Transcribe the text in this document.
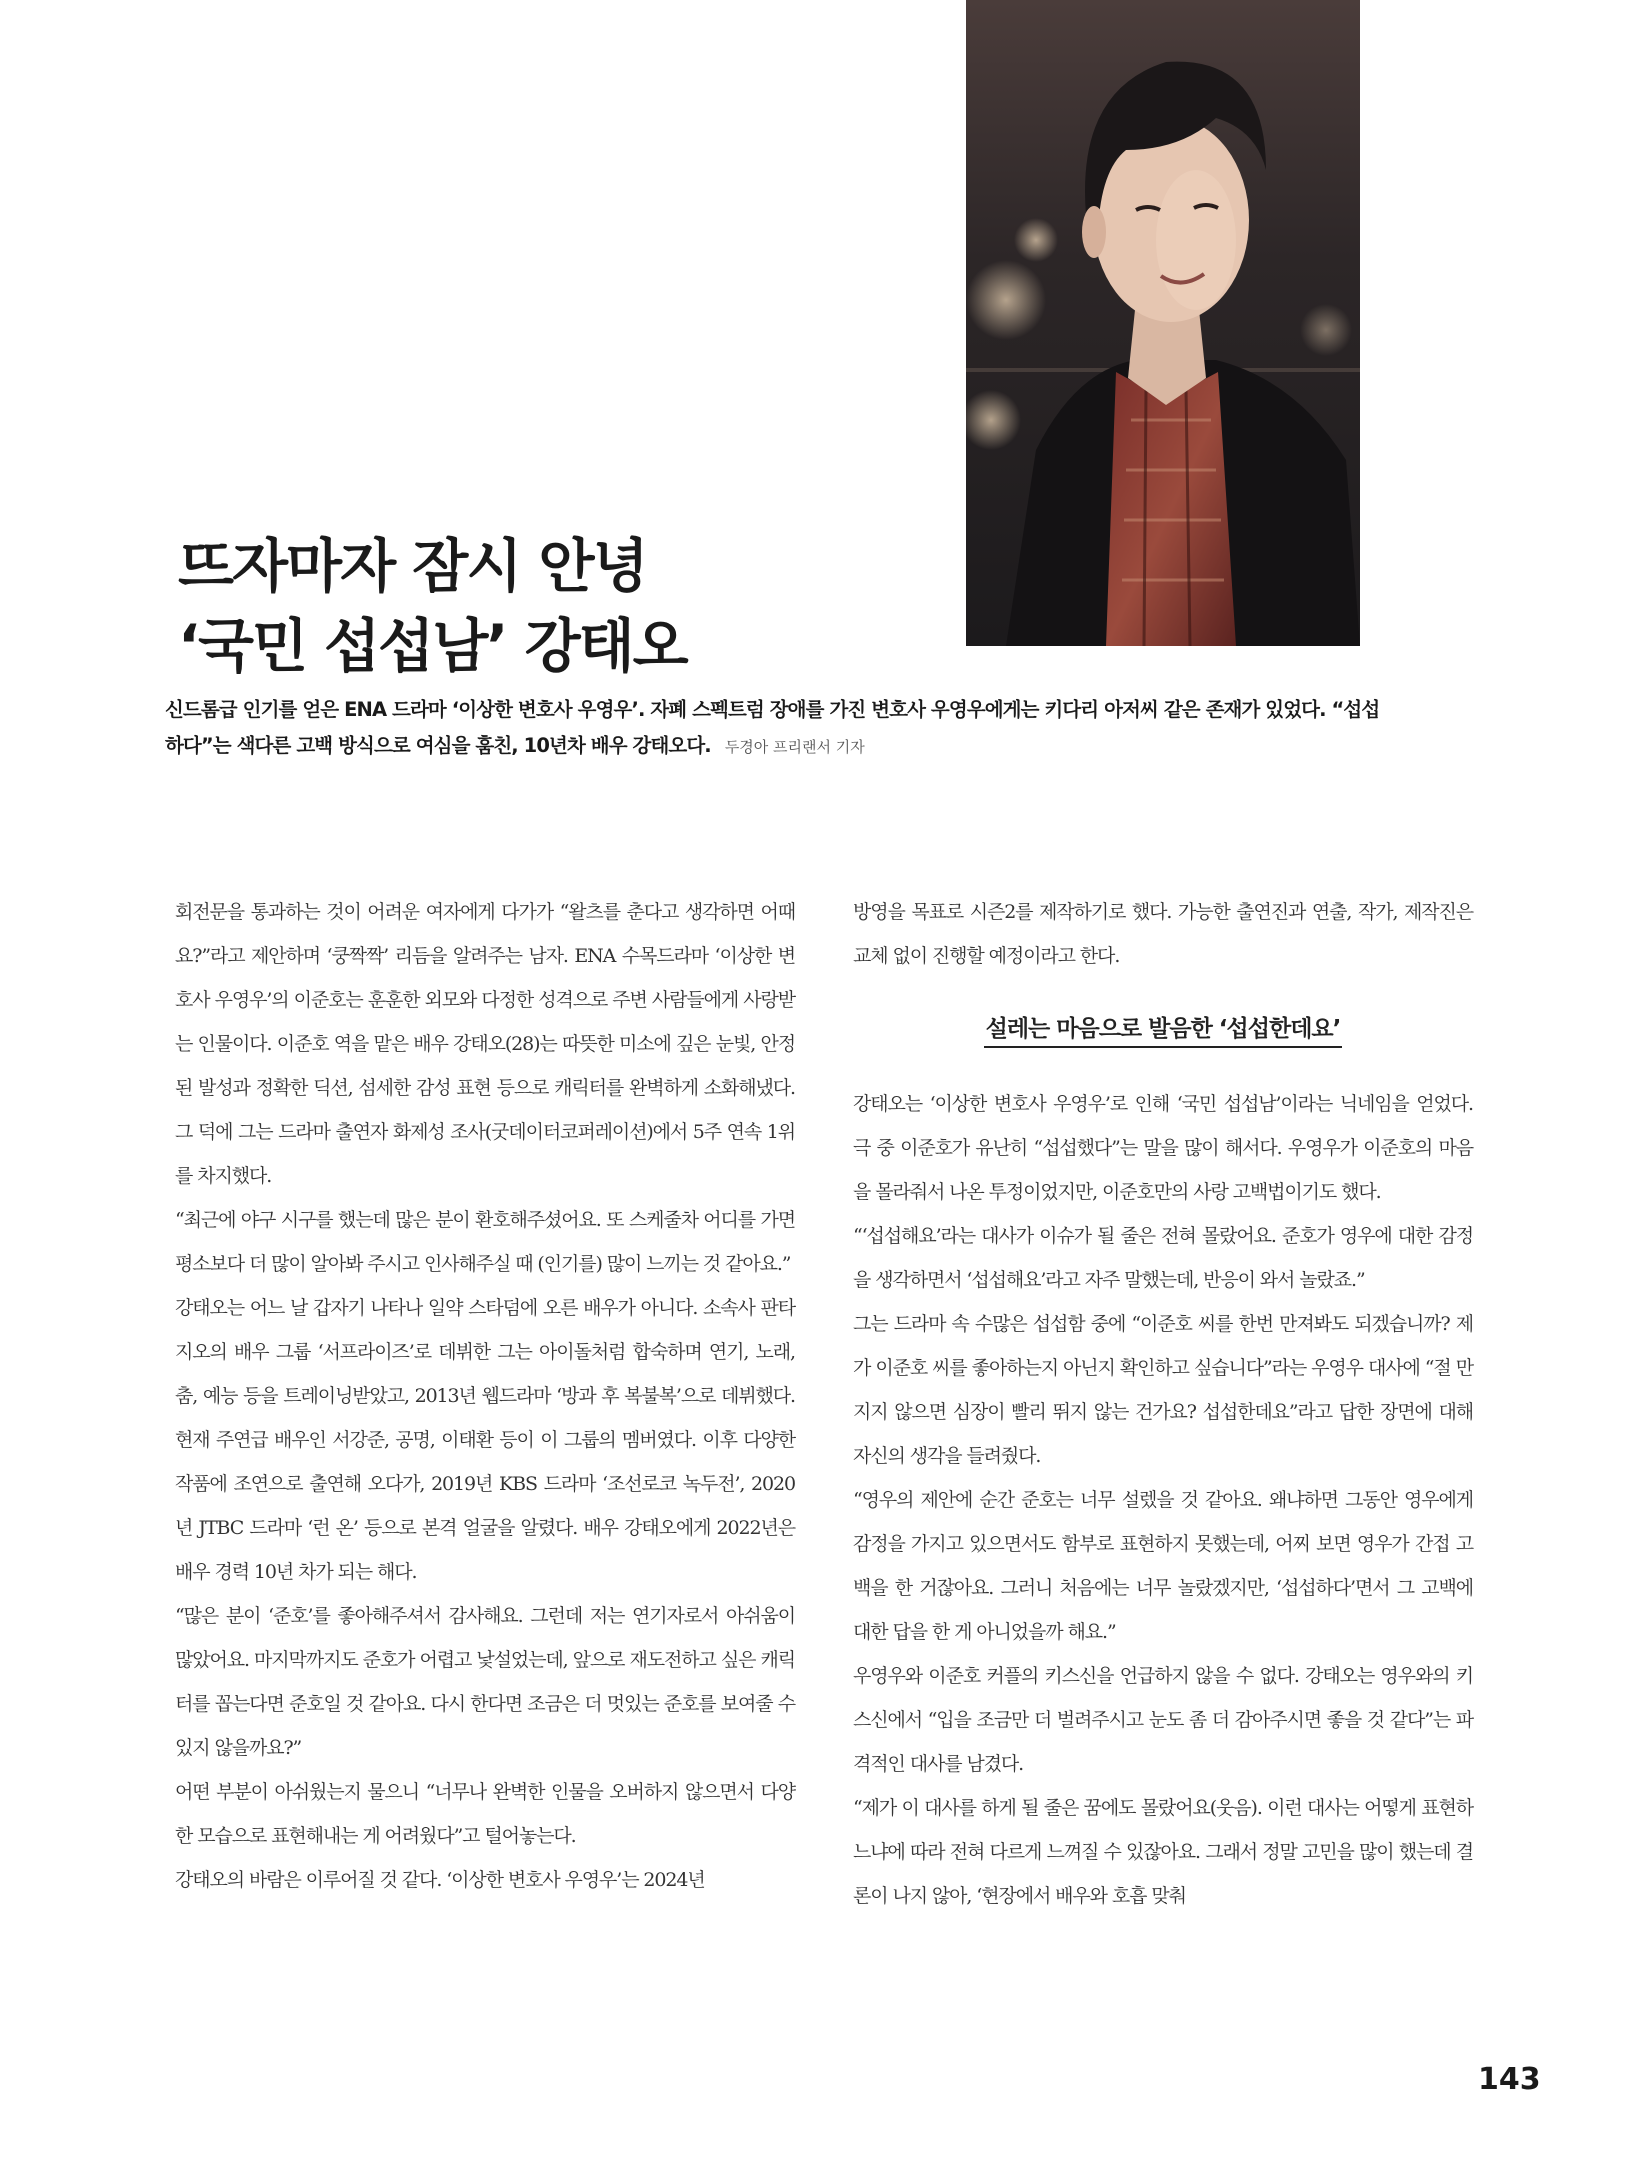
뜨자마자 잠시 안녕
‘국민 섭섭남’ 강태오
신드롬급 인기를 얻은 ENA 드라마 ‘이상한 변호사 우영우’. 자폐 스펙트럼 장애를 가진 변호사 우영우에게는 키다리 아저씨 같은 존재가 있었다. “섭섭하다”는 색다른 고백 방식으로 여심을 훔친, 10년차 배우 강태오다. 두경아 프리랜서 기자

회전문을 통과하는 것이 어려운 여자에게 다가가 “왈츠를 춘다고 생각하면 어때요?”라고 제안하며 ‘쿵짝짝’ 리듬을 알려주는 남자. ENA 수목드라마 ‘이상한 변호사 우영우’의 이준호는 훈훈한 외모와 다정한 성격으로 주변 사람들에게 사랑받는 인물이다. 이준호 역을 맡은 배우 강태오(28)는 따뜻한 미소에 깊은 눈빛, 안정된 발성과 정확한 딕션, 섬세한 감성 표현 등으로 캐릭터를 완벽하게 소화해냈다. 그 덕에 그는 드라마 출연자 화제성 조사(굿데이터코퍼레이션)에서 5주 연속 1위를 차지했다.

“최근에 야구 시구를 했는데 많은 분이 환호해주셨어요. 또 스케줄차 어디를 가면 평소보다 더 많이 알아봐 주시고 인사해주실 때 (인기를) 많이 느끼는 것 같아요.”

강태오는 어느 날 갑자기 나타나 일약 스타덤에 오른 배우가 아니다. 소속사 판타지오의 배우 그룹 ‘서프라이즈’로 데뷔한 그는 아이돌처럼 합숙하며 연기, 노래, 춤, 예능 등을 트레이닝받았고, 2013년 웹드라마 ‘방과 후 복불복’으로 데뷔했다. 현재 주연급 배우인 서강준, 공명, 이태환 등이 이 그룹의 멤버였다. 이후 다양한 작품에 조연으로 출연해 오다가, 2019년 KBS 드라마 ‘조선로코 녹두전’, 2020년 JTBC 드라마 ‘런 온’ 등으로 본격 얼굴을 알렸다. 배우 강태오에게 2022년은 배우 경력 10년 차가 되는 해다.

“많은 분이 ‘준호’를 좋아해주셔서 감사해요. 그런데 저는 연기자로서 아쉬움이 많았어요. 마지막까지도 준호가 어렵고 낯설었는데, 앞으로 재도전하고 싶은 캐릭터를 꼽는다면 준호일 것 같아요. 다시 한다면 조금은 더 멋있는 준호를 보여줄 수 있지 않을까요?”

어떤 부분이 아쉬웠는지 물으니 “너무나 완벽한 인물을 오버하지 않으면서 다양한 모습으로 표현해내는 게 어려웠다”고 털어놓는다.

강태오의 바람은 이루어질 것 같다. ‘이상한 변호사 우영우’는 2024년

방영을 목표로 시즌2를 제작하기로 했다. 가능한 출연진과 연출, 작가, 제작진은 교체 없이 진행할 예정이라고 한다.

설레는 마음으로 발음한 ‘섭섭한데요’

강태오는 ‘이상한 변호사 우영우’로 인해 ‘국민 섭섭남’이라는 닉네임을 얻었다. 극 중 이준호가 유난히 “섭섭했다”는 말을 많이 해서다. 우영우가 이준호의 마음을 몰라줘서 나온 투정이었지만, 이준호만의 사랑 고백법이기도 했다.

“‘섭섭해요’라는 대사가 이슈가 될 줄은 전혀 몰랐어요. 준호가 영우에 대한 감정을 생각하면서 ‘섭섭해요’라고 자주 말했는데, 반응이 와서 놀랐죠.”

그는 드라마 속 수많은 섭섭함 중에 “이준호 씨를 한번 만져봐도 되겠습니까? 제가 이준호 씨를 좋아하는지 아닌지 확인하고 싶습니다”라는 우영우 대사에 “절 만지지 않으면 심장이 빨리 뛰지 않는 건가요? 섭섭한데요”라고 답한 장면에 대해 자신의 생각을 들려줬다.

“영우의 제안에 순간 준호는 너무 설렜을 것 같아요. 왜냐하면 그동안 영우에게 감정을 가지고 있으면서도 함부로 표현하지 못했는데, 어찌 보면 영우가 간접 고백을 한 거잖아요. 그러니 처음에는 너무 놀랐겠지만, ‘섭섭하다’면서 그 고백에 대한 답을 한 게 아니었을까 해요.”

우영우와 이준호 커플의 키스신을 언급하지 않을 수 없다. 강태오는 영우와의 키스신에서 “입을 조금만 더 벌려주시고 눈도 좀 더 감아주시면 좋을 것 같다”는 파격적인 대사를 남겼다.

“제가 이 대사를 하게 될 줄은 꿈에도 몰랐어요(웃음). 이런 대사는 어떻게 표현하느냐에 따라 전혀 다르게 느껴질 수 있잖아요. 그래서 정말 고민을 많이 했는데 결론이 나지 않아, ‘현장에서 배우와 호흡 맞춰

143
